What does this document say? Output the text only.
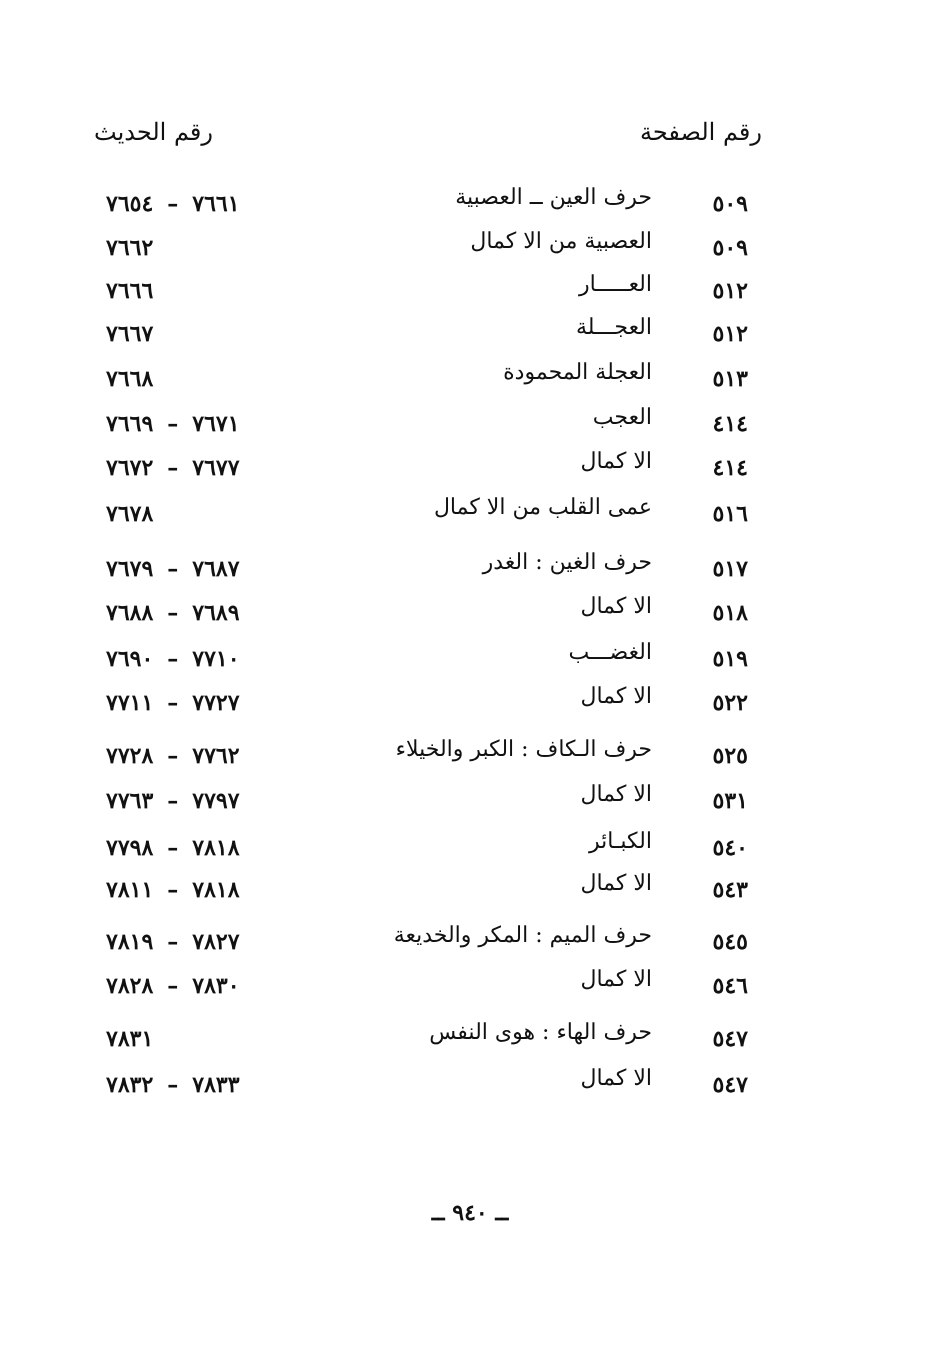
رقم الصفحة
رقم الحديث
٥٠٩
حرف العين ــ العصبية
٧٦٦١–٧٦٥٤
٥٠٩
العصبية من الا كمال
٧٦٦٢
٥١٢
العـــــار
٧٦٦٦
٥١٢
العجـــلة
٧٦٦٧
٥١٣
العجلة المحمودة
٧٦٦٨
٤١٤
العجب
٧٦٧١–٧٦٦٩
٤١٤
الا كمال
٧٦٧٧–٧٦٧٢
٥١٦
عمى القلب من الا كمال
٧٦٧٨
٥١٧
حرف الغين : الغدر
٧٦٨٧–٧٦٧٩
٥١٨
الا كمال
٧٦٨٩–٧٦٨٨
٥١٩
الغضـــب
٧٧١٠–٧٦٩٠
٥٢٢
الا كمال
٧٧٢٧–٧٧١١
٥٢٥
حرف الـكاف : الكبر والخيلاء
٧٧٦٢–٧٧٢٨
٥٣١
الا كمال
٧٧٩٧–٧٧٦٣
٥٤٠
الكبـائر
٧٨١٨–٧٧٩٨
٥٤٣
الا كمال
٧٨١٨–٧٨١١
٥٤٥
حرف الميم : المكر والخديعة
٧٨٢٧–٧٨١٩
٥٤٦
الا كمال
٧٨٣٠–٧٨٢٨
٥٤٧
حرف الهاء : هوى النفس
٧٨٣١
٥٤٧
الا كمال
٧٨٣٣–٧٨٣٢
ــ ٩٤٠ ــ
